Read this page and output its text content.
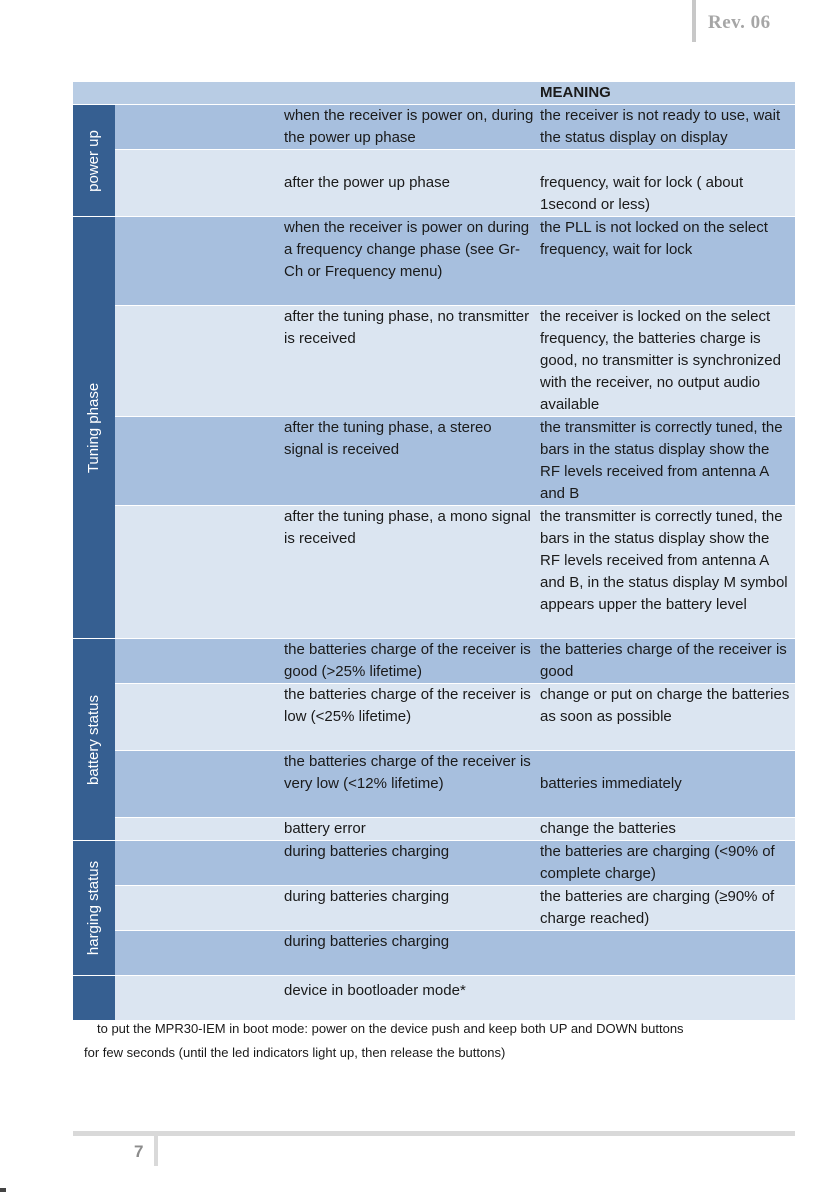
Rev. 06
			MEANING

power up		when the receiver is power on, during the power up phase	the receiver is not ready to use, wait the status display on display
		after the power up phase	frequency, wait for lock ( about 1second or less)

Tuning phase		when the receiver is power on during a frequency change phase (see Gr-Ch or Frequency menu)	the PLL is not locked on the select frequency, wait for lock
		after the tuning phase, no transmitter is received	the receiver is locked on the select frequency, the batteries charge is good, no transmitter is synchronized with the receiver, no output audio available
		after the tuning phase, a stereo signal is received	the transmitter is correctly tuned, the bars in the status display show the RF levels received from antenna A and B
		after the tuning phase, a mono signal is received	the transmitter is correctly tuned, the bars in the status display show the RF levels received from antenna A and B, in the status display M symbol appears upper the battery level

battery status		the batteries charge of the receiver is good (>25% lifetime)	the batteries charge of the receiver is good
		the batteries charge of the receiver is low (<25% lifetime)	change or put on charge the batteries as soon as possible
		the batteries charge of the receiver is very low (<12% lifetime)	batteries immediately
		battery error	change the batteries

harging status		during batteries charging	the batteries are charging (<90% of complete charge)
		during batteries charging	the batteries are charging (≥90% of charge reached)
		during batteries charging	
		device in bootloader mode*	
to put the MPR30-IEM in boot mode: power on the device push and keep both UP and DOWN buttons
for few seconds (until the led indicators light up, then release the buttons)
7
